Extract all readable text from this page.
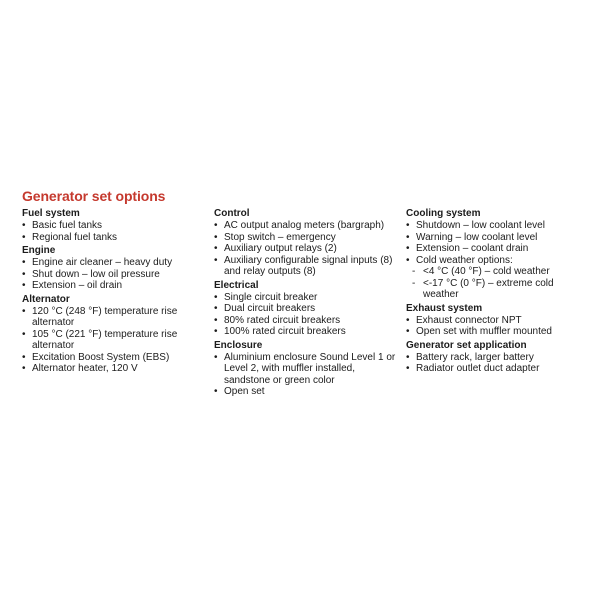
Generator set options
Fuel system
• Basic fuel tanks
• Regional fuel tanks
Engine
• Engine air cleaner – heavy duty
• Shut down – low oil pressure
• Extension – oil drain
Alternator
• 120 °C (248 °F) temperature rise alternator
• 105 °C (221 °F) temperature rise alternator
• Excitation Boost System (EBS)
• Alternator heater, 120 V
Control
• AC output analog meters (bargraph)
• Stop switch – emergency
• Auxiliary output relays (2)
• Auxiliary configurable signal inputs (8) and relay outputs (8)
Electrical
• Single circuit breaker
• Dual circuit breakers
• 80% rated circuit breakers
• 100% rated circuit breakers
Enclosure
• Aluminium enclosure Sound Level 1 or Level 2, with muffler installed, sandstone or green color
• Open set
Cooling system
• Shutdown – low coolant level
• Warning – low coolant level
• Extension – coolant drain
• Cold weather options:
- <4 °C (40 °F) – cold weather
- <-17 °C (0 °F) – extreme cold weather
Exhaust system
• Exhaust connector NPT
• Open set with muffler mounted
Generator set application
• Battery rack, larger battery
• Radiator outlet duct adapter
